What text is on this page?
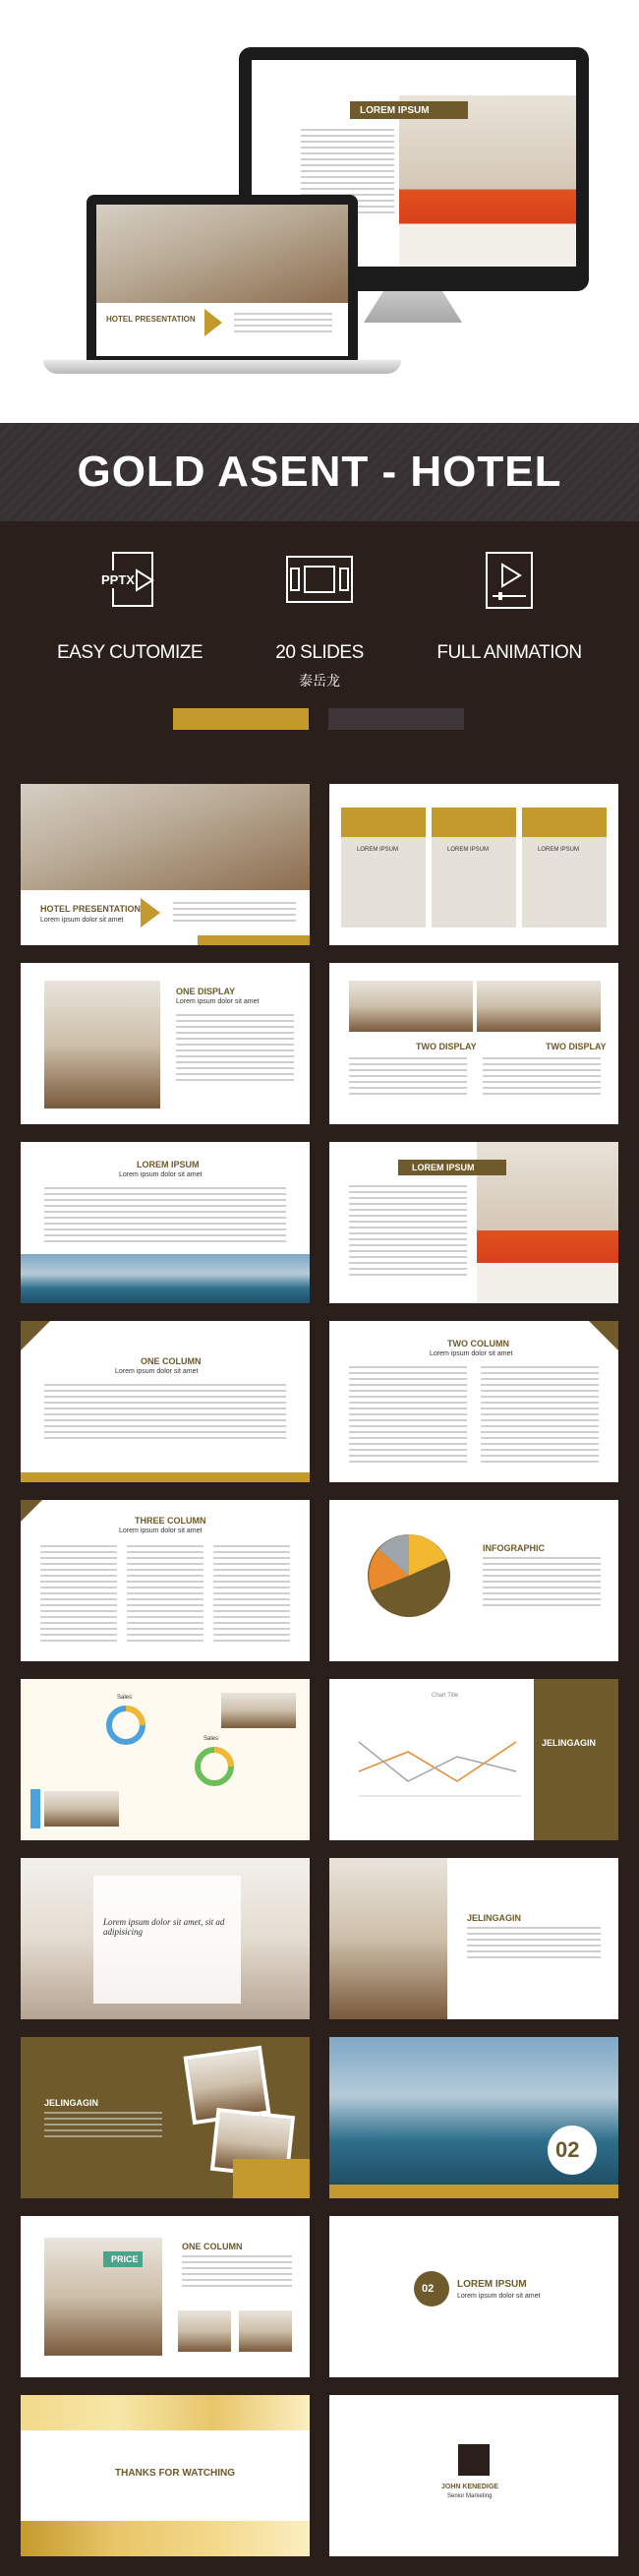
LOREM IPSUM
HOTEL PRESENTATION
GOLD ASENT - HOTEL
PPTX
EASY CUTOMIZE	20 SLIDES	FULL ANIMATION
泰岳龙
HOTEL PRESENTATION
Lorem ipsum dolor sit amet
LOREM IPSUM	LOREM IPSUM	LOREM IPSUM
ONE DISPLAY
Lorem ipsum dolor sit amet
TWO DISPLAY	TWO DISPLAY
LOREM IPSUM
Lorem ipsum dolor sit amet
LOREM IPSUM
ONE COLUMN
Lorem ipsum dolor sit amet
TWO COLUMN
Lorem ipsum dolor sit amet
THREE COLUMN
Lorem ipsum dolor sit amet
INFOGRAPHIC
Sales
Sales
Chart Title
JELINGAGIN
Lorem ipsum dolor sit amet, sit ad adipisicing
JELINGAGIN
JELINGAGIN
02
PRICE
ONE COLUMN
02 LOREM IPSUM
Lorem ipsum dolor sit amet
THANKS FOR WATCHING
JOHN KENEDIGE
Senior Marketing
